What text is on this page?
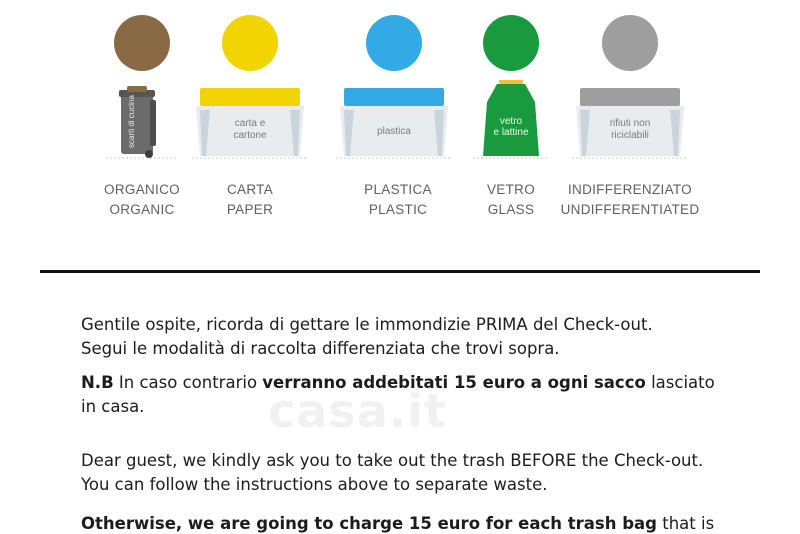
scarti di cucina
ORGANICO
ORGANIC
carta e
cartone
CARTA
PAPER
plastica
PLASTICA
PLASTIC
vetro
e lattine
VETRO
GLASS
rifiuti non
riciclabili
INDIFFERENZIATO
UNDIFFERENTIATED
casa.it
Gentile ospite, ricorda di gettare le immondizie PRIMA del Check-out.
Segui le modalità di raccolta differenziata che trovi sopra.
N.B In caso contrario verranno addebitati 15 euro a ogni sacco lasciato
in casa.
Dear guest, we kindly ask you to take out the trash BEFORE the Check-out.
You can follow the instructions above to separate waste.
Otherwise, we are going to charge 15 euro for each trash bag that is
